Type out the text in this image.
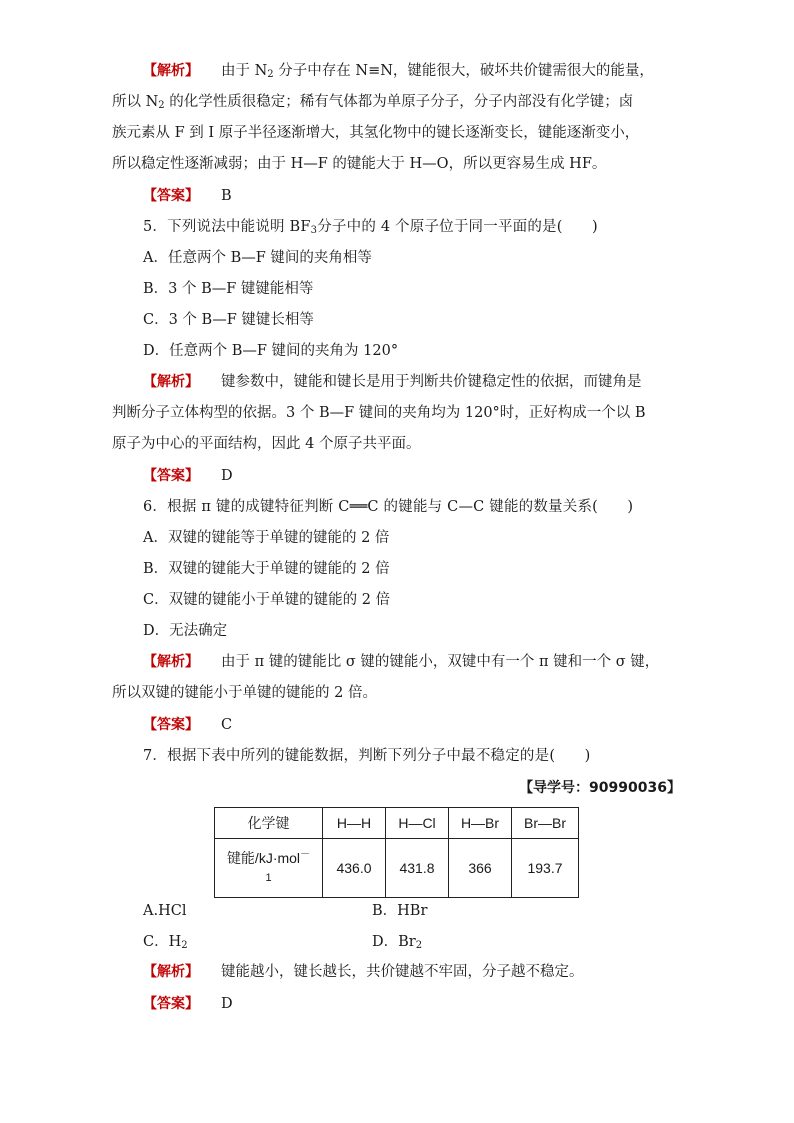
【解析】 由于 $N_2$ 分子中存在 N≡N，键能很大，破坏共价键需很大的能量，
所以 $N_2$ 的化学性质很稳定；稀有气体都为单原子分子，分子内部没有化学键；卤
族元素从 F 到 I 原子半径逐渐增大，其氢化物中的键长逐渐变长，键能逐渐变小，
所以稳定性逐渐减弱；由于 H—F 的键能大于 H—O，所以更容易生成 HF。
【答案】 B
5．下列说法中能说明 $BF_3$分子中的 4 个原子位于同一平面的是(　　)
A．任意两个 B—F 键间的夹角相等
B．3 个 B—F 键键能相等
C．3 个 B—F 键键长相等
D．任意两个 B—F 键间的夹角为 120°
【解析】 键参数中，键能和键长是用于判断共价键稳定性的依据，而键角是
判断分子立体构型的依据。3 个 B—F 键间的夹角均为 120°时，正好构成一个以 B
原子为中心的平面结构，因此 4 个原子共平面。
【答案】 D
6．根据 π 键的成键特征判断 C══C 的键能与 C—C 键能的数量关系(　　)
A．双键的键能等于单键的键能的 2 倍
B．双键的键能大于单键的键能的 2 倍
C．双键的键能小于单键的键能的 2 倍
D．无法确定
【解析】 由于 π 键的键能比 σ 键的键能小，双键中有一个 π 键和一个 σ 键，
所以双键的键能小于单键的键能的 2 倍。
【答案】 C
7．根据下表中所列的键能数据，判断下列分子中最不稳定的是(　　)
【导学号：90990036】
化学键	H—H	H—Cl	H—Br	Br—Br
键能/kJ·mol－
1	436.0	431.8	366	193.7
A.HCl	B．HBr
C．$H_2$	D．$Br_2$
【解析】 键能越小，键长越长，共价键越不牢固，分子越不稳定。
【答案】 D
